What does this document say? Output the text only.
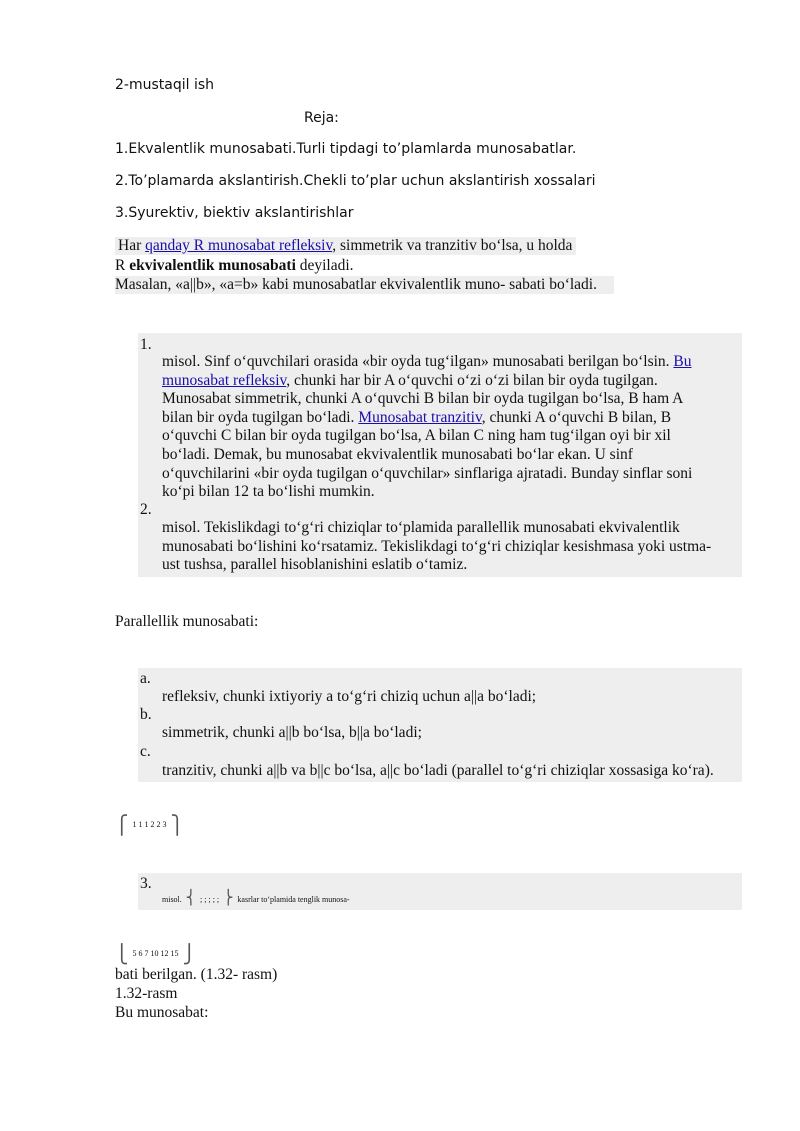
2-mustaqil ish

Reja:

1.Ekvalentlik munosabati.Turli tipdagi to’plamlarda munosabatlar.

2.To’plamarda akslantirish.Chekli to’plar uchun akslantirish xossalari

3.Syurektiv, biektiv akslantirishlar

Har qanday R munosabat refleksiv, simmetrik va tranzitiv bo‘lsa, u holda

R ekvivalentlik munosabati deyiladi.

Masalan, «a||b», «a=b» kabi munosabatlar ekvivalentlik muno- sabati bo‘ladi.

1.
misol. Sinf o‘quvchilari orasida «bir oyda tug‘ilgan» munosabati berilgan bo‘lsin. Bu
munosabat refleksiv, chunki har bir A o‘quvchi o‘zi o‘zi bilan bir oyda tugilgan.
Munosabat simmetrik, chunki A o‘quvchi B bilan bir oyda tugilgan bo‘lsa, B ham A
bilan bir oyda tugilgan bo‘ladi. Munosabat tranzitiv, chunki A o‘quvchi B bilan, B
o‘quvchi C bilan bir oyda tugilgan bo‘lsa, A bilan C ning ham tug‘ilgan oyi bir xil
bo‘ladi. Demak, bu munosabat ekvivalentlik munosabati bo‘lar ekan. U sinf
o‘quvchilarini «bir oyda tugilgan o‘quvchilar» sinflariga ajratadi. Bunday sinflar soni
ko‘pi bilan 12 ta bo‘lishi mumkin.
2.
misol. Tekislikdagi to‘g‘ri chiziqlar to‘plamida parallellik munosabati ekvivalentlik
munosabati bo‘lishini ko‘rsatamiz. Tekislikdagi to‘g‘ri chiziqlar kesishmasa yoki ustma-
ust tushsa, parallel hisoblanishini eslatib o‘tamiz.

Parallellik munosabati:

a.
refleksiv, chunki ixtiyoriy a to‘g‘ri chiziq uchun a||a bo‘ladi;
b.
simmetrik, chunki a||b bo‘lsa, b||a bo‘ladi;
c.
tranzitiv, chunki a||b va b||c bo‘lsa, a||c bo‘ladi (parallel to‘g‘ri chiziqlar xossasiga ko‘ra).
⎧ $^{1 1 1 2 2 3}$ ⎫
3.
misol. ⎨ ; ; ; ; ; ⎬ kasrlar to‘plamida tenglik munosa-
⎩ $^{5 6 7 10 12 15}$ ⎭

bati berilgan. (1.32- rasm)

1.32-rasm

Bu munosabat:
